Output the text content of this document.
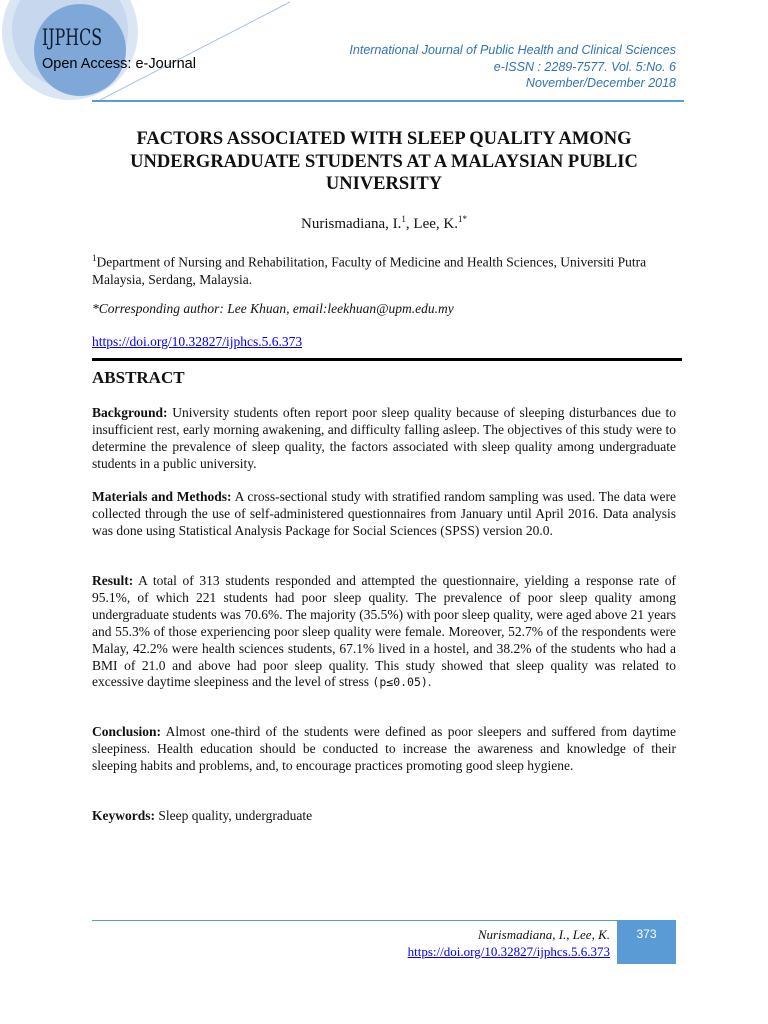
IJPHCS
Open Access: e-Journal
International Journal of Public Health and Clinical Sciences
e-ISSN : 2289-7577. Vol. 5:No. 6
November/December 2018
FACTORS ASSOCIATED WITH SLEEP QUALITY AMONG UNDERGRADUATE STUDENTS AT A MALAYSIAN PUBLIC UNIVERSITY
Nurismadiana, I.$^1$, Lee, K.$^{1*}$
$^1$Department of Nursing and Rehabilitation, Faculty of Medicine and Health Sciences, Universiti Putra Malaysia, Serdang, Malaysia.
*Corresponding author: Lee Khuan, email:leekhuan@upm.edu.my
https://doi.org/10.32827/ijphcs.5.6.373
ABSTRACT

Background: University students often report poor sleep quality because of sleeping disturbances due to insufficient rest, early morning awakening, and difficulty falling asleep. The objectives of this study were to determine the prevalence of sleep quality, the factors associated with sleep quality among undergraduate students in a public university.

Materials and Methods: A cross-sectional study with stratified random sampling was used. The data were collected through the use of self-administered questionnaires from January until April 2016. Data analysis was done using Statistical Analysis Package for Social Sciences (SPSS) version 20.0.

Result: A total of 313 students responded and attempted the questionnaire, yielding a response rate of 95.1%, of which 221 students had poor sleep quality. The prevalence of poor sleep quality among undergraduate students was 70.6%. The majority (35.5%) with poor sleep quality, were aged above 21 years and 55.3% of those experiencing poor sleep quality were female. Moreover, 52.7% of the respondents were Malay, 42.2% were health sciences students, 67.1% lived in a hostel, and 38.2% of the students who had a BMI of 21.0 and above had poor sleep quality. This study showed that sleep quality was related to excessive daytime sleepiness and the level of stress (p≤0.05).

Conclusion: Almost one-third of the students were defined as poor sleepers and suffered from daytime sleepiness. Health education should be conducted to increase the awareness and knowledge of their sleeping habits and problems, and, to encourage practices promoting good sleep hygiene.

Keywords: Sleep quality, undergraduate

Nurismadiana, I., Lee, K.
https://doi.org/10.32827/ijphcs.5.6.373
373
